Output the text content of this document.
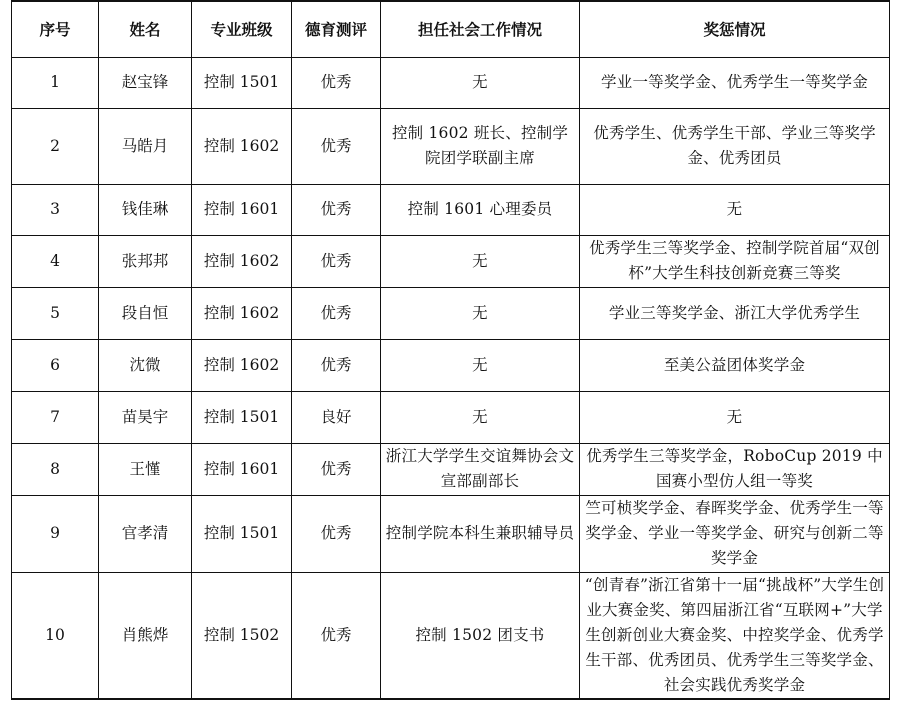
序号	姓名	专业班级	德育测评	担任社会工作情况	奖惩情况
1	赵宝锋	控制 1501	优秀	无	学业一等奖学金、优秀学生一等奖学金
2	马皓月	控制 1602	优秀	控制 1602 班长、控制学院团学联副主席	优秀学生、优秀学生干部、学业三等奖学金、优秀团员
3	钱佳琳	控制 1601	优秀	控制 1601 心理委员	无
4	张邦邦	控制 1602	优秀	无	优秀学生三等奖学金、控制学院首届“双创杯”大学生科技创新竞赛三等奖
5	段自恒	控制 1602	优秀	无	学业三等奖学金、浙江大学优秀学生
6	沈微	控制 1602	优秀	无	至美公益团体奖学金
7	苗昊宇	控制 1501	良好	无	无
8	王慬	控制 1601	优秀	浙江大学学生交谊舞协会文宣部副部长	优秀学生三等奖学金，RoboCup 2019 中国赛小型仿人组一等奖
9	官孝清	控制 1501	优秀	控制学院本科生兼职辅导员	竺可桢奖学金、春晖奖学金、优秀学生一等奖学金、学业一等奖学金、研究与创新二等奖学金
10	肖熊烨	控制 1502	优秀	控制 1502 团支书	“创青春”浙江省第十一届“挑战杯”大学生创业大赛金奖、第四届浙江省“互联网+”大学生创新创业大赛金奖、中控奖学金、优秀学生干部、优秀团员、优秀学生三等奖学金、社会实践优秀奖学金
